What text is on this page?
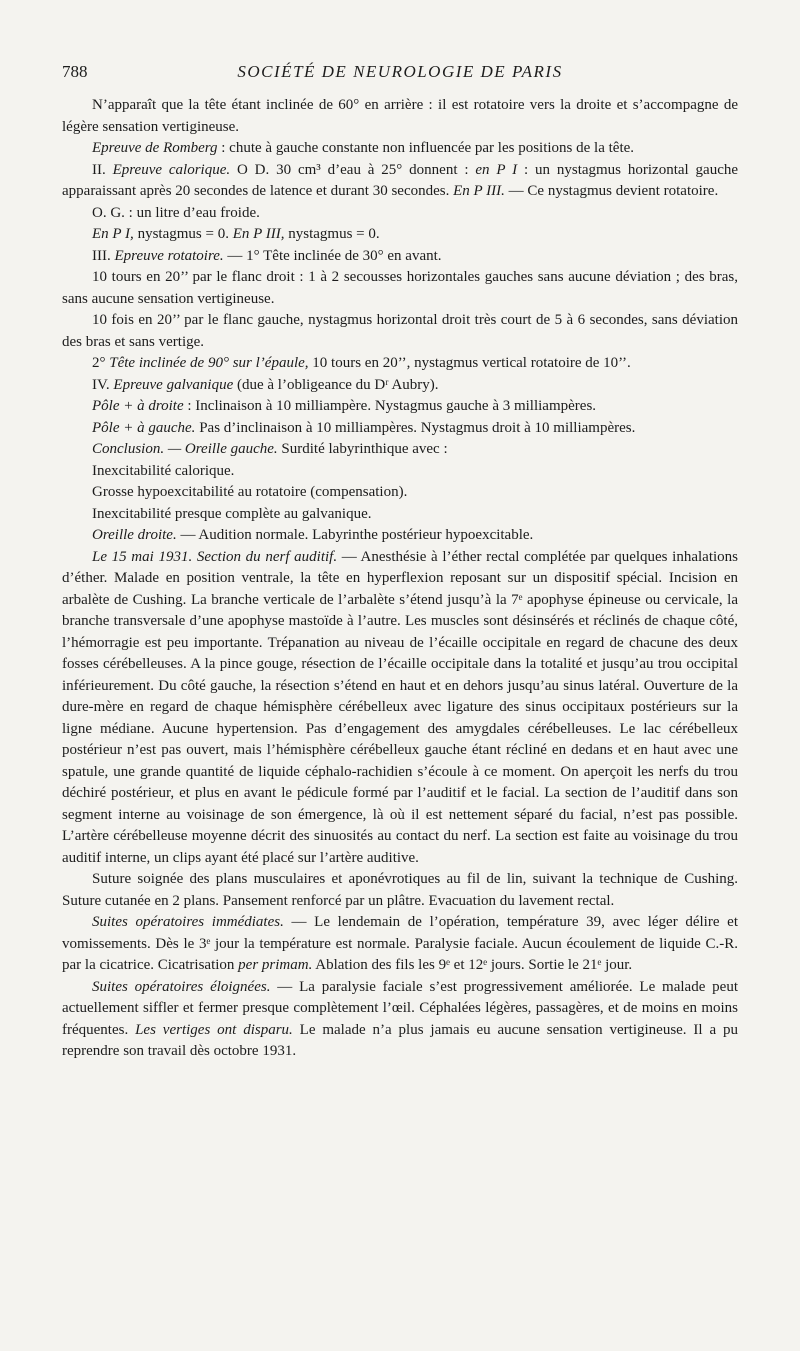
788	SOCIÉTÉ DE NEUROLOGIE DE PARIS

N’apparaît que la tête étant inclinée de 60° en arrière : il est rotatoire vers la droite et s’accompagne de légère sensation vertigineuse.

Epreuve de Romberg : chute à gauche constante non influencée par les positions de la tête.

II. Epreuve calorique. O D. 30 cm³ d’eau à 25° donnent : en P I : un nystagmus horizontal gauche apparaissant après 20 secondes de latence et durant 30 secondes. En P III. — Ce nystagmus devient rotatoire.

O. G. : un litre d’eau froide.

En P I, nystagmus = 0. En P III, nystagmus = 0.

III. Epreuve rotatoire. — 1° Tête inclinée de 30° en avant.

10 tours en 20’’ par le flanc droit : 1 à 2 secousses horizontales gauches sans aucune déviation ; des bras, sans aucune sensation vertigineuse.

10 fois en 20’’ par le flanc gauche, nystagmus horizontal droit très court de 5 à 6 secondes, sans déviation des bras et sans vertige.

2° Tête inclinée de 90° sur l’épaule, 10 tours en 20’’, nystagmus vertical rotatoire de 10’’.

IV. Epreuve galvanique (due à l’obligeance du Dʳ Aubry).

Pôle + à droite : Inclinaison à 10 milliampère. Nystagmus gauche à 3 milliampères.

Pôle + à gauche. Pas d’inclinaison à 10 milliampères. Nystagmus droit à 10 milliampères.

Conclusion. — Oreille gauche. Surdité labyrinthique avec :

Inexcitabilité calorique.

Grosse hypoexcitabilité au rotatoire (compensation).

Inexcitabilité presque complète au galvanique.

Oreille droite. — Audition normale. Labyrinthe postérieur hypoexcitable.

Le 15 mai 1931. Section du nerf auditif. — Anesthésie à l’éther rectal complétée par quelques inhalations d’éther. Malade en position ventrale, la tête en hyperflexion reposant sur un dispositif spécial. Incision en arbalète de Cushing. La branche verticale de l’arbalète s’étend jusqu’à la 7ᵉ apophyse épineuse ou cervicale, la branche transversale d’une apophyse mastoïde à l’autre. Les muscles sont désinsérés et réclinés de chaque côté, l’hémorragie est peu importante. Trépanation au niveau de l’écaille occipitale en regard de chacune des deux fosses cérébelleuses. A la pince gouge, résection de l’écaille occipitale dans la totalité et jusqu’au trou occipital inférieurement. Du côté gauche, la résection s’étend en haut et en dehors jusqu’au sinus latéral. Ouverture de la dure-mère en regard de chaque hémisphère cérébelleux avec ligature des sinus occipitaux postérieurs sur la ligne médiane. Aucune hypertension. Pas d’engagement des amygdales cérébelleuses. Le lac cérébelleux postérieur n’est pas ouvert, mais l’hémisphère cérébelleux gauche étant récliné en dedans et en haut avec une spatule, une grande quantité de liquide céphalo-rachidien s’écoule à ce moment. On aperçoit les nerfs du trou déchiré postérieur, et plus en avant le pédicule formé par l’auditif et le facial. La section de l’auditif dans son segment interne au voisinage de son émergence, là où il est nettement séparé du facial, n’est pas possible. L’artère cérébelleuse moyenne décrit des sinuosités au contact du nerf. La section est faite au voisinage du trou auditif interne, un clips ayant été placé sur l’artère auditive.

Suture soignée des plans musculaires et aponévrotiques au fil de lin, suivant la technique de Cushing. Suture cutanée en 2 plans. Pansement renforcé par un plâtre. Evacuation du lavement rectal.

Suites opératoires immédiates. — Le lendemain de l’opération, température 39, avec léger délire et vomissements. Dès le 3ᵉ jour la température est normale. Paralysie faciale. Aucun écoulement de liquide C.-R. par la cicatrice. Cicatrisation per primam. Ablation des fils les 9ᵉ et 12ᵉ jours. Sortie le 21ᵉ jour.

Suites opératoires éloignées. — La paralysie faciale s’est progressivement améliorée. Le malade peut actuellement siffler et fermer presque complètement l’œil. Céphalées légères, passagères, et de moins en moins fréquentes. Les vertiges ont disparu. Le malade n’a plus jamais eu aucune sensation vertigineuse. Il a pu reprendre son travail dès octobre 1931.
